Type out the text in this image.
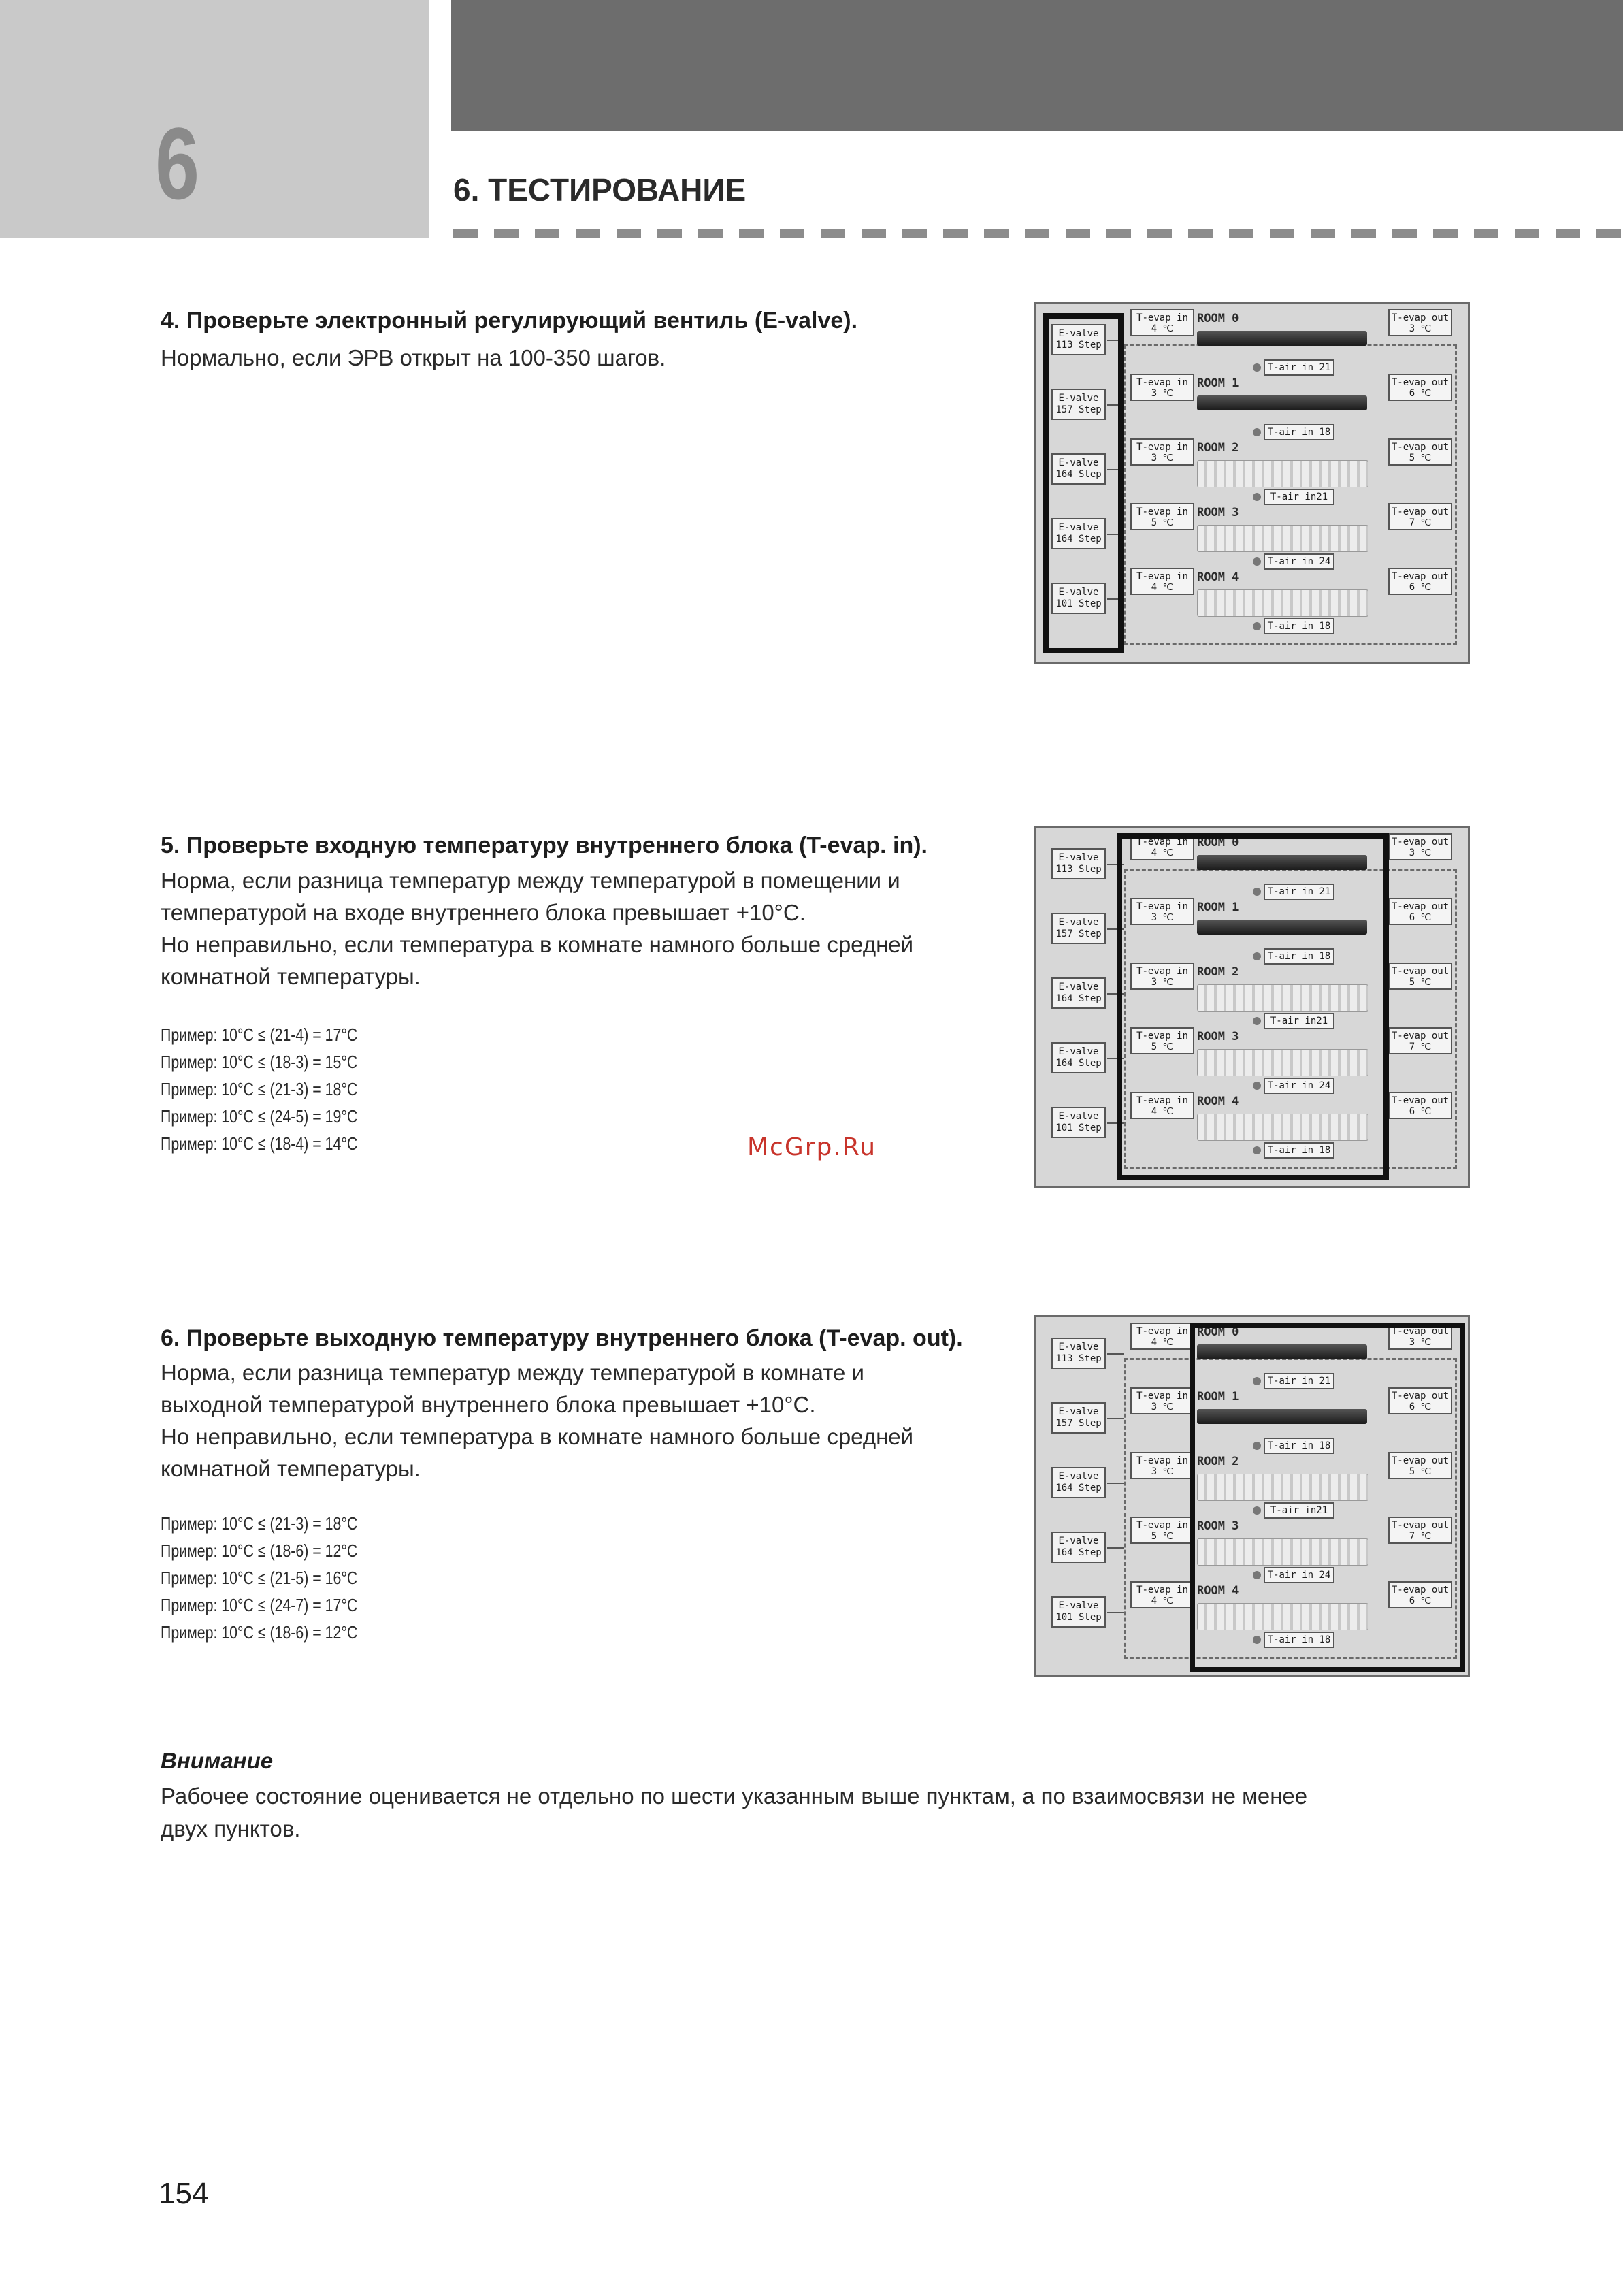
6	6. ТЕСТИРОВАНИЕ
4. Проверьте электронный регулирующий вентиль (E-valve).
Нормально, если ЭРВ открыт на 100-350 шагов.
5. Проверьте входную температуру внутреннего блока (T-evap. in).
Норма, если разница температур между температурой в помещении и
температурой на входе внутреннего блока превышает +10°C.
Но неправильно, если температура в комнате намного больше средней
комнатной температуры.
Пример: 10°C ≤ (21-4) = 17°C
Пример: 10°C ≤ (18-3) = 15°C
Пример: 10°C ≤ (21-3) = 18°C
Пример: 10°C ≤ (24-5) = 19°C
Пример: 10°C ≤ (18-4) = 14°C	McGrp.Ru
6. Проверьте выходную температуру внутреннего блока (T-evap. out).
Норма, если разница температур между температурой в комнате и
выходной температурой внутреннего блока превышает +10°C.
Но неправильно, если температура в комнате намного больше средней
комнатной температуры.
Пример: 10°C ≤ (21-3) = 18°C
Пример: 10°C ≤ (18-6) = 12°C
Пример: 10°C ≤ (21-5) = 16°C
Пример: 10°C ≤ (24-7) = 17°C
Пример: 10°C ≤ (18-6) = 12°C
Внимание
Рабочее состояние оценивается не отдельно по шести указанным выше пунктам, а по взаимосвязи не менее
двух пунктов.
154
E-valve
113 Step
T-evap in
4 ℃
ROOM 0	T-evap out
3 ℃
T-air in 21
E-valve
157 Step
T-evap in
3 ℃
ROOM 1	T-evap out
6 ℃
T-air in 18
E-valve
164 Step
T-evap in
3 ℃
ROOM 2	T-evap out
5 ℃
T-air in21
E-valve
164 Step
T-evap in
5 ℃
ROOM 3	T-evap out
7 ℃
T-air in 24
E-valve
101 Step
T-evap in
4 ℃
ROOM 4	T-evap out
6 ℃
T-air in 18
E-valve
113 Step
T-evap in
4 ℃
ROOM 0	T-evap out
3 ℃
T-air in 21
E-valve
157 Step
T-evap in
3 ℃
ROOM 1	T-evap out
6 ℃
T-air in 18
E-valve
164 Step
T-evap in
3 ℃
ROOM 2	T-evap out
5 ℃
T-air in21
E-valve
164 Step
T-evap in
5 ℃
ROOM 3	T-evap out
7 ℃
T-air in 24
E-valve
101 Step
T-evap in
4 ℃
ROOM 4	T-evap out
6 ℃
T-air in 18
E-valve
113 Step
T-evap in
4 ℃
ROOM 0	T-evap out
3 ℃
T-air in 21
E-valve
157 Step
T-evap in
3 ℃
ROOM 1	T-evap out
6 ℃
T-air in 18
E-valve
164 Step
T-evap in
3 ℃
ROOM 2	T-evap out
5 ℃
T-air in21
E-valve
164 Step
T-evap in
5 ℃
ROOM 3	T-evap out
7 ℃
T-air in 24
E-valve
101 Step
T-evap in
4 ℃
ROOM 4	T-evap out
6 ℃
T-air in 18
